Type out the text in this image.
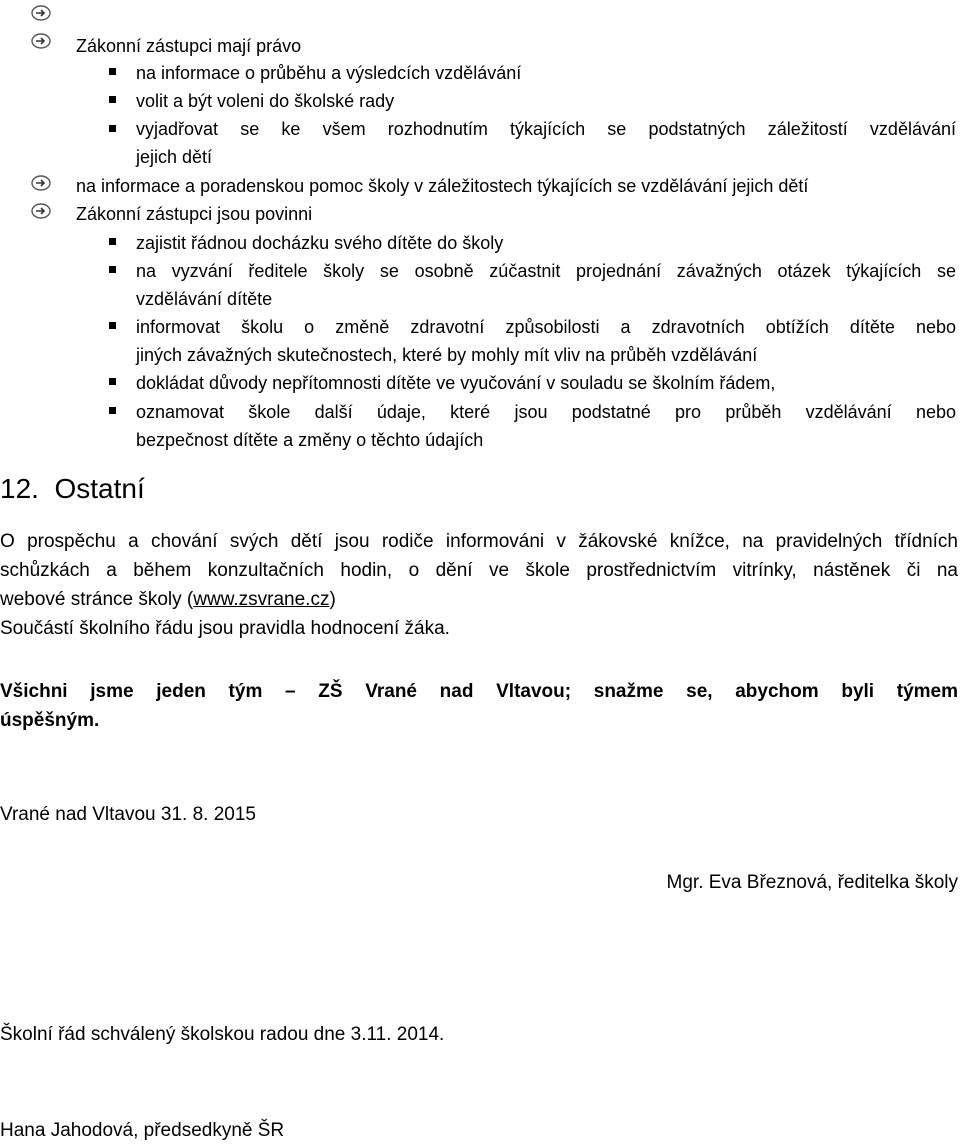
Zákonní zástupci mají právo
na informace o průběhu a výsledcích vzdělávání
volit a být voleni do školské rady
vyjadřovat se ke všem rozhodnutím týkajících se podstatných záležitostí vzdělávání
jejich dětí
na informace a poradenskou pomoc školy v záležitostech týkajících se vzdělávání jejich dětí
Zákonní zástupci jsou povinni
zajistit řádnou docházku svého dítěte do školy
na vyzvání ředitele školy se osobně zúčastnit projednání závažných otázek týkajících se
vzdělávání dítěte
informovat školu o změně zdravotní způsobilosti a zdravotních obtížích dítěte nebo
jiných závažných skutečnostech, které by mohly mít vliv na průběh vzdělávání
dokládat důvody nepřítomnosti dítěte ve vyučování v souladu se školním řádem,
oznamovat škole další údaje, které jsou podstatné pro průběh vzdělávání nebo
bezpečnost dítěte a změny o těchto údajích
12. Ostatní
O prospěchu a chování svých dětí jsou rodiče informováni v žákovské knížce, na pravidelných třídních
schůzkách a během konzultačních hodin, o dění ve škole prostřednictvím vitrínky, nástěnek či na
webové stránce školy (www.zsvrane.cz)
Součástí školního řádu jsou pravidla hodnocení žáka.
Všichni jsme jeden tým – ZŠ Vrané nad Vltavou; snažme se, abychom byli týmem
úspěšným.
Vrané nad Vltavou 31. 8. 2015
Mgr. Eva Březnová, ředitelka školy
Školní řád schválený školskou radou dne 3.11. 2014.
Hana Jahodová, předsedkyně ŠR
